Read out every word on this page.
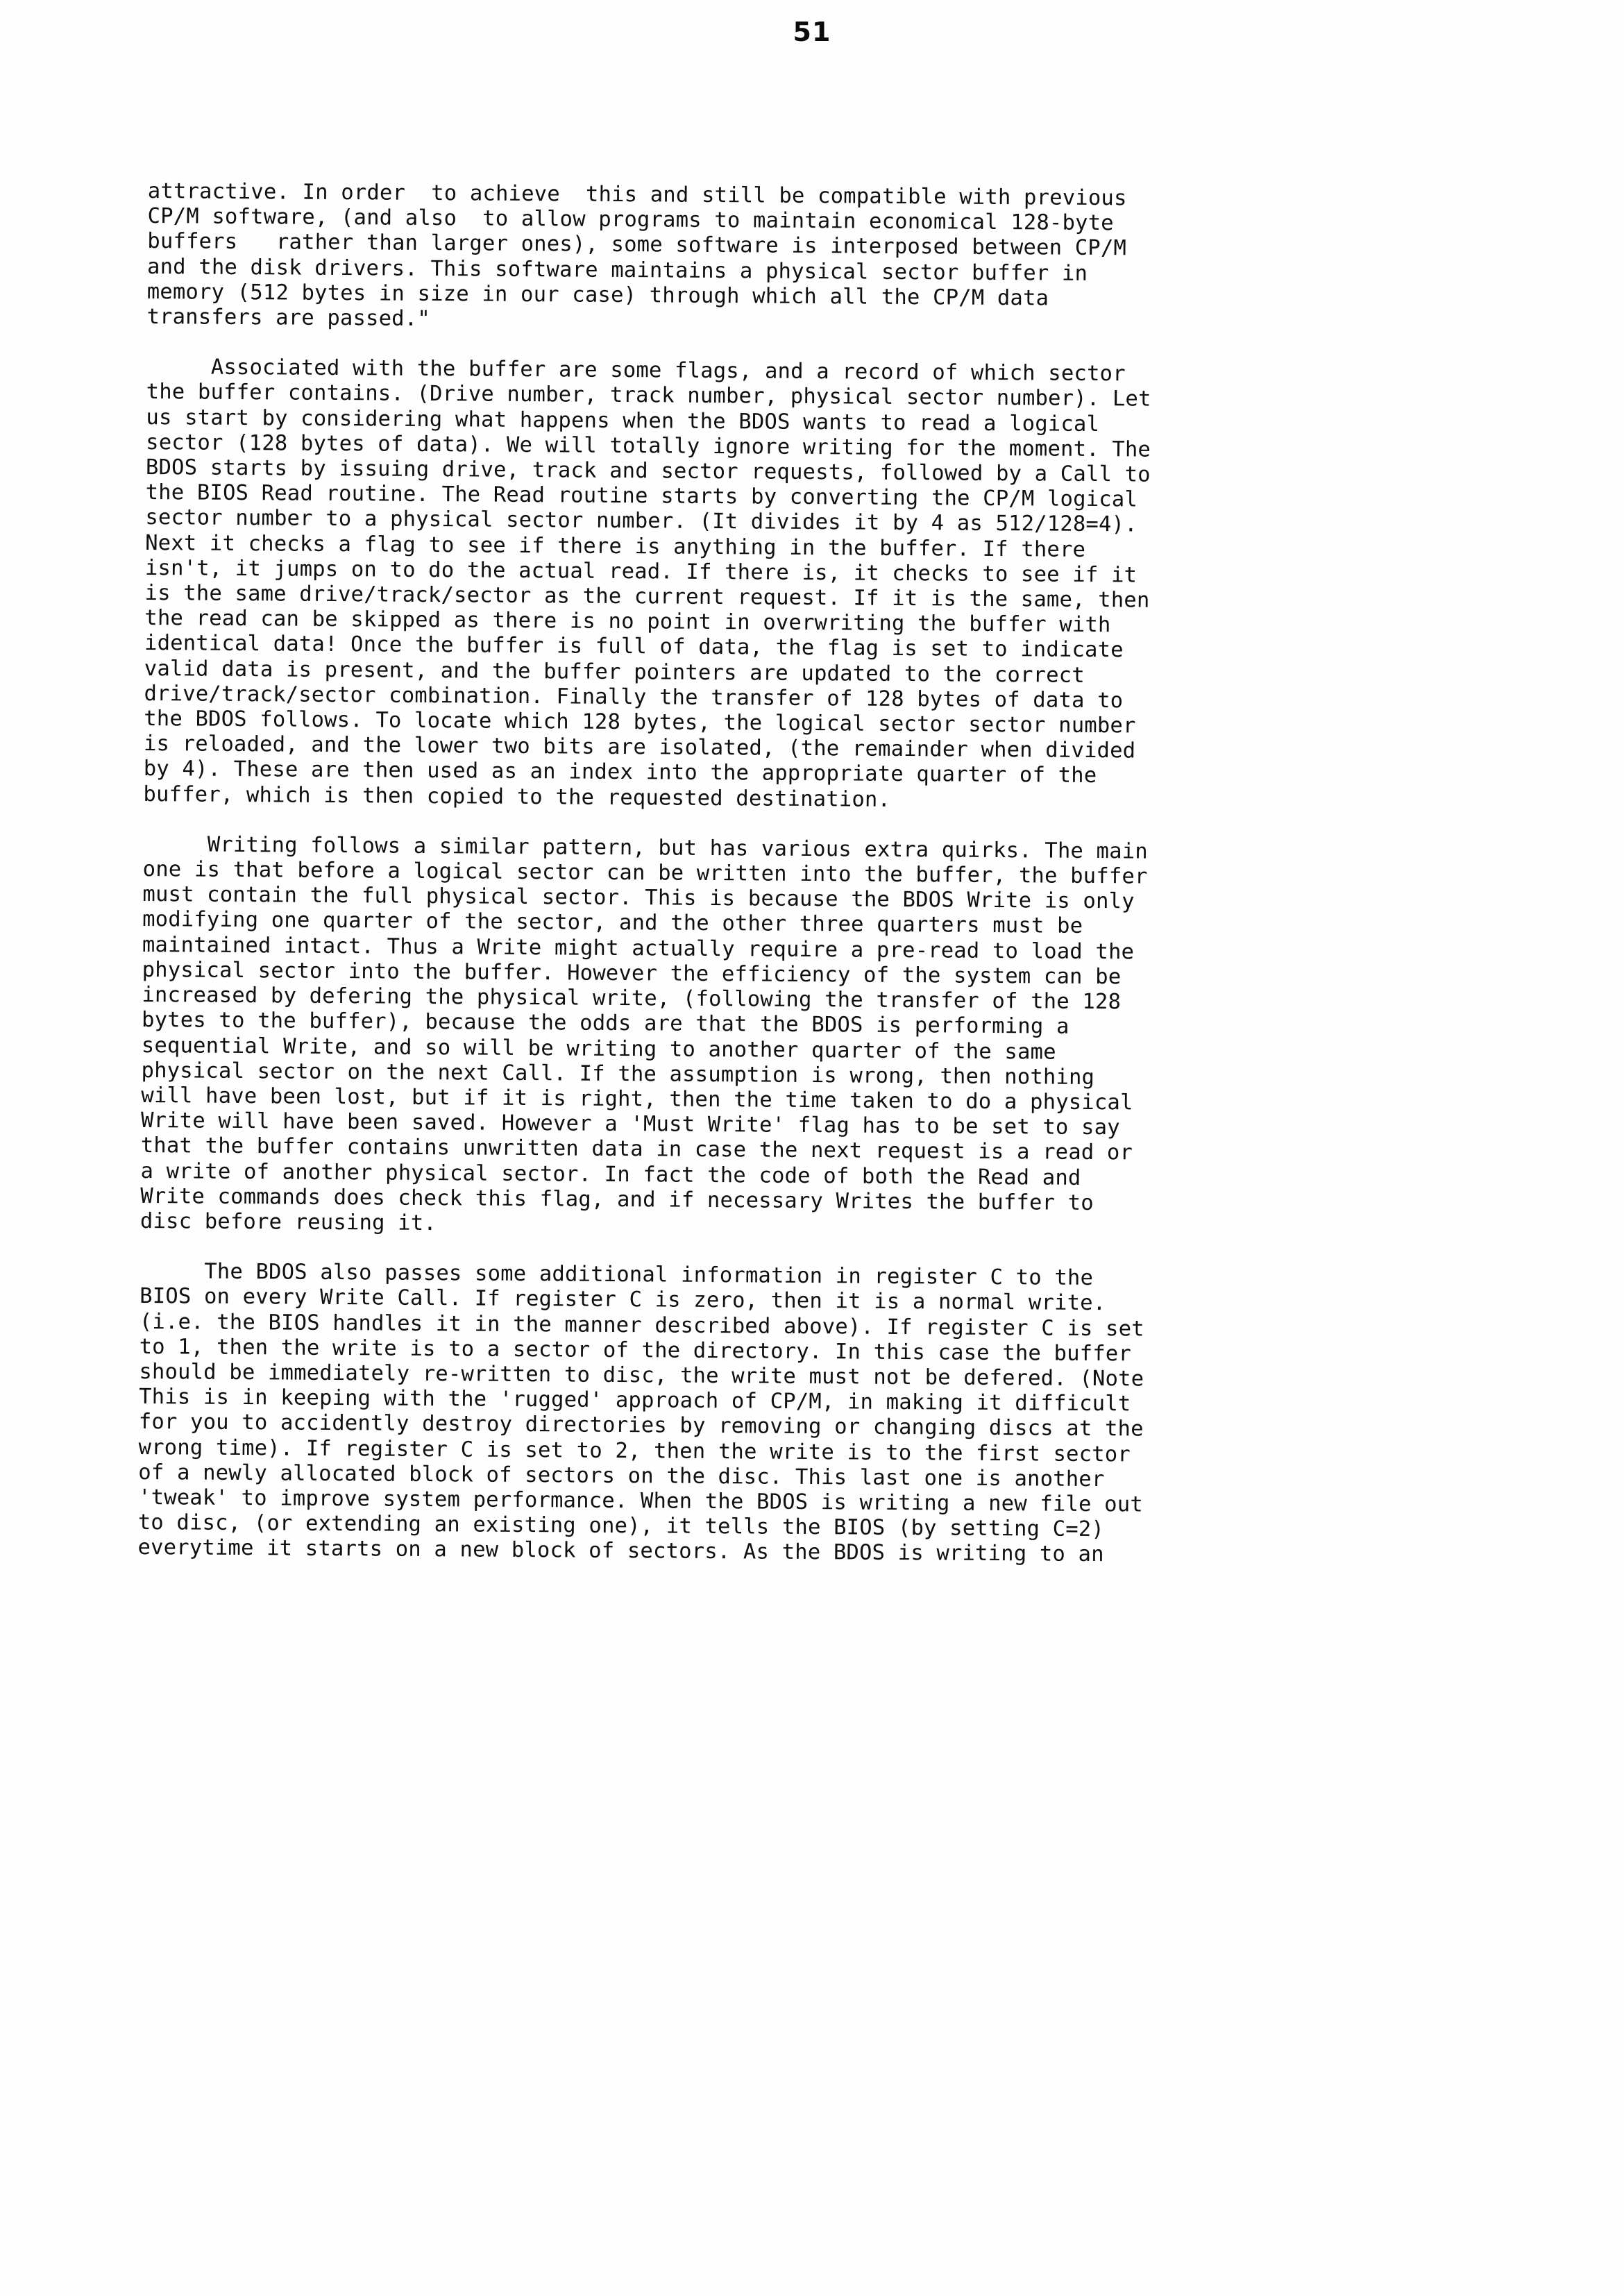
51

attractive. In order  to achieve  this and still be compatible with previous
CP/M software, (and also  to allow programs to maintain economical 128-byte
buffers   rather than larger ones), some software is interposed between CP/M
and the disk drivers. This software maintains a physical sector buffer in
memory (512 bytes in size in our case) through which all the CP/M data
transfers are passed."

Associated with the buffer are some flags, and a record of which sector
the buffer contains. (Drive number, track number, physical sector number). Let
us start by considering what happens when the BDOS wants to read a logical
sector (128 bytes of data). We will totally ignore writing for the moment. The
BDOS starts by issuing drive, track and sector requests, followed by a Call to
the BIOS Read routine. The Read routine starts by converting the CP/M logical
sector number to a physical sector number. (It divides it by 4 as 512/128=4).
Next it checks a flag to see if there is anything in the buffer. If there
isn't, it jumps on to do the actual read. If there is, it checks to see if it
is the same drive/track/sector as the current request. If it is the same, then
the read can be skipped as there is no point in overwriting the buffer with
identical data! Once the buffer is full of data, the flag is set to indicate
valid data is present, and the buffer pointers are updated to the correct
drive/track/sector combination. Finally the transfer of 128 bytes of data to
the BDOS follows. To locate which 128 bytes, the logical sector sector number
is reloaded, and the lower two bits are isolated, (the remainder when divided
by 4). These are then used as an index into the appropriate quarter of the
buffer, which is then copied to the requested destination.

Writing follows a similar pattern, but has various extra quirks. The main
one is that before a logical sector can be written into the buffer, the buffer
must contain the full physical sector. This is because the BDOS Write is only
modifying one quarter of the sector, and the other three quarters must be
maintained intact. Thus a Write might actually require a pre-read to load the
physical sector into the buffer. However the efficiency of the system can be
increased by defering the physical write, (following the transfer of the 128
bytes to the buffer), because the odds are that the BDOS is performing a
sequential Write, and so will be writing to another quarter of the same
physical sector on the next Call. If the assumption is wrong, then nothing
will have been lost, but if it is right, then the time taken to do a physical
Write will have been saved. However a 'Must Write' flag has to be set to say
that the buffer contains unwritten data in case the next request is a read or
a write of another physical sector. In fact the code of both the Read and
Write commands does check this flag, and if necessary Writes the buffer to
disc before reusing it.

The BDOS also passes some additional information in register C to the
BIOS on every Write Call. If register C is zero, then it is a normal write.
(i.e. the BIOS handles it in the manner described above). If register C is set
to 1, then the write is to a sector of the directory. In this case the buffer
should be immediately re-written to disc, the write must not be defered. (Note
This is in keeping with the 'rugged' approach of CP/M, in making it difficult
for you to accidently destroy directories by removing or changing discs at the
wrong time). If register C is set to 2, then the write is to the first sector
of a newly allocated block of sectors on the disc. This last one is another
'tweak' to improve system performance. When the BDOS is writing a new file out
to disc, (or extending an existing one), it tells the BIOS (by setting C=2)
everytime it starts on a new block of sectors. As the BDOS is writing to an
